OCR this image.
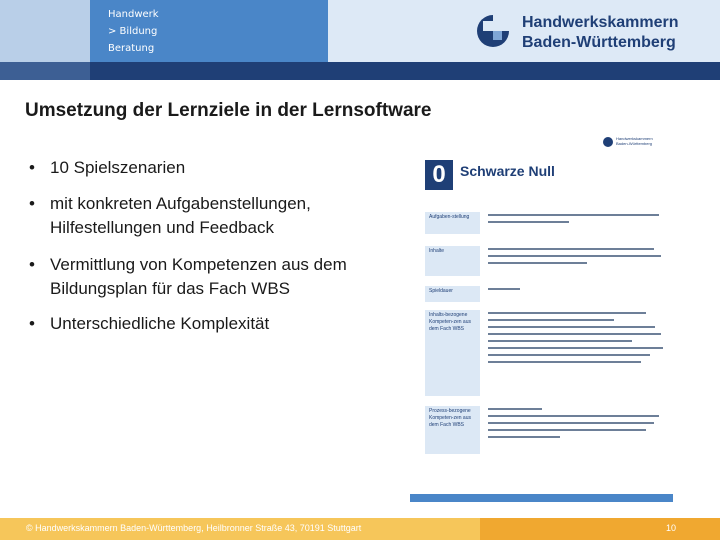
Handwerk
> Bildung
Beratung
Handwerkskammern
Baden-Württemberg
Umsetzung der Lernziele in der Lernsoftware
• 10 Spielszenarien
• mit konkreten Aufgabenstellungen,
Hilfestellungen und Feedback
• Vermittlung von Kompetenzen aus dem
Bildungsplan für das Fach WBS
• Unterschiedliche Komplexität
Handwerkskammern
Baden-Württemberg
0	Schwarze Null
Aufgaben-stellung
Inhalte
Spieldauer
Inhalts-bezogene Kompeten-zen aus dem Fach WBS
Prozess-bezogene Kompeten-zen aus dem Fach WBS
© Handwerkskammern Baden-Württemberg, Heilbronner Straße 43, 70191 Stuttgart	10
